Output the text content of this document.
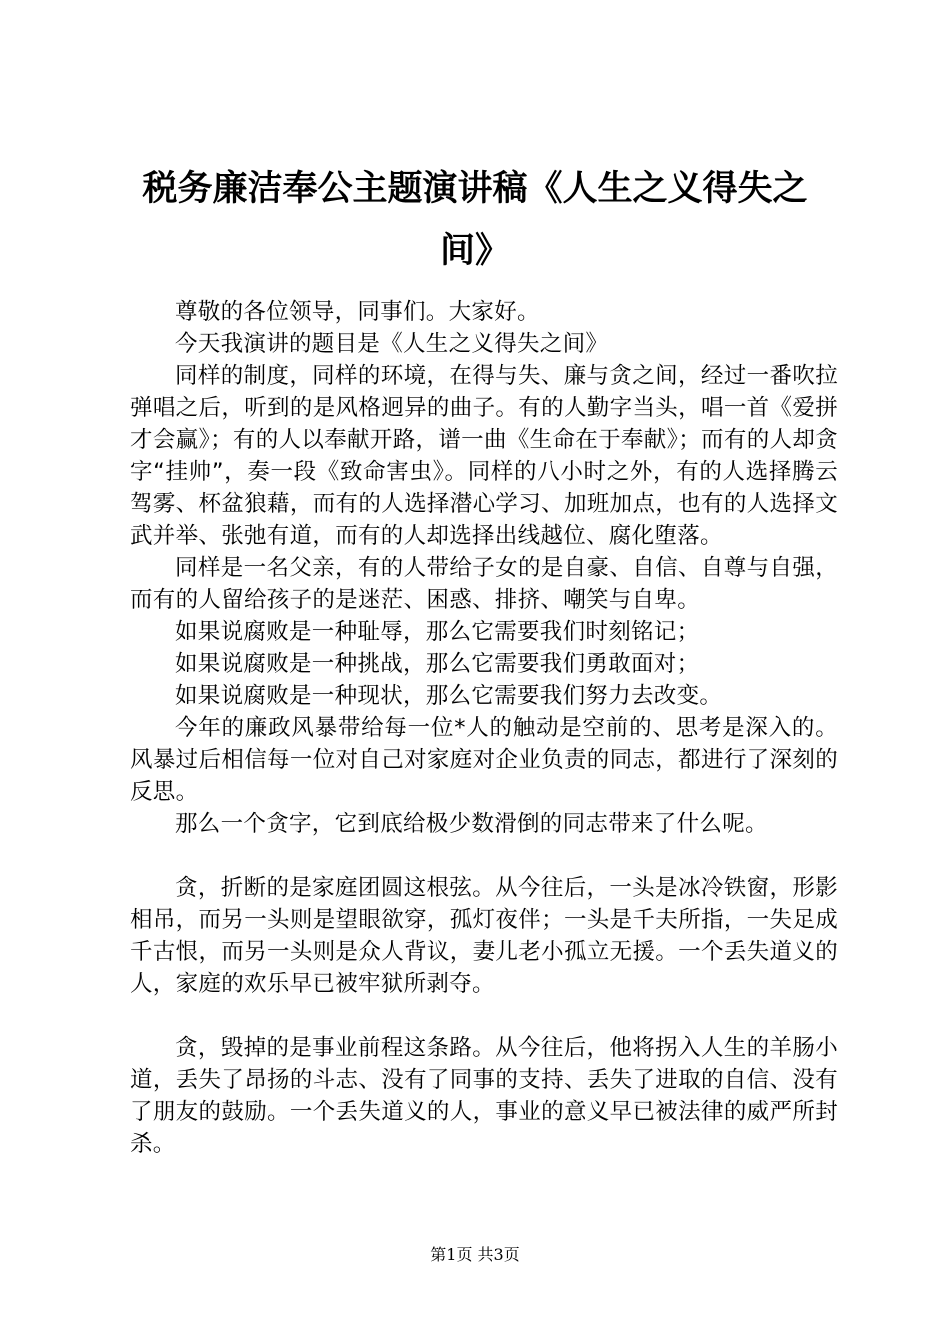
税务廉洁奉公主题演讲稿《人生之义得失之
间》

尊敬的各位领导，同事们。大家好。

今天我演讲的题目是《人生之义得失之间》

同样的制度，同样的环境，在得与失、廉与贪之间，经过一番吹拉弹唱之后，听到的是风格迥异的曲子。有的人勤字当头，唱一首《爱拼才会赢》；有的人以奉献开路，谱一曲《生命在于奉献》；而有的人却贪字“挂帅”，奏一段《致命害虫》。同样的八小时之外，有的人选择腾云驾雾、杯盆狼藉，而有的人选择潜心学习、加班加点，也有的人选择文武并举、张弛有道，而有的人却选择出线越位、腐化堕落。

同样是一名父亲，有的人带给子女的是自豪、自信、自尊与自强，而有的人留给孩子的是迷茫、困惑、排挤、嘲笑与自卑。

如果说腐败是一种耻辱，那么它需要我们时刻铭记；

如果说腐败是一种挑战，那么它需要我们勇敢面对；

如果说腐败是一种现状，那么它需要我们努力去改变。

今年的廉政风暴带给每一位*人的触动是空前的、思考是深入的。风暴过后相信每一位对自己对家庭对企业负责的同志，都进行了深刻的反思。

那么一个贪字，它到底给极少数滑倒的同志带来了什么呢。

贪，折断的是家庭团圆这根弦。从今往后，一头是冰冷铁窗，形影相吊，而另一头则是望眼欲穿，孤灯夜伴；一头是千夫所指，一失足成千古恨，而另一头则是众人背议，妻儿老小孤立无援。一个丢失道义的人，家庭的欢乐早已被牢狱所剥夺。

贪，毁掉的是事业前程这条路。从今往后，他将拐入人生的羊肠小道，丢失了昂扬的斗志、没有了同事的支持、丢失了进取的自信、没有了朋友的鼓励。一个丢失道义的人，事业的意义早已被法律的威严所封杀。

第1页 共3页
